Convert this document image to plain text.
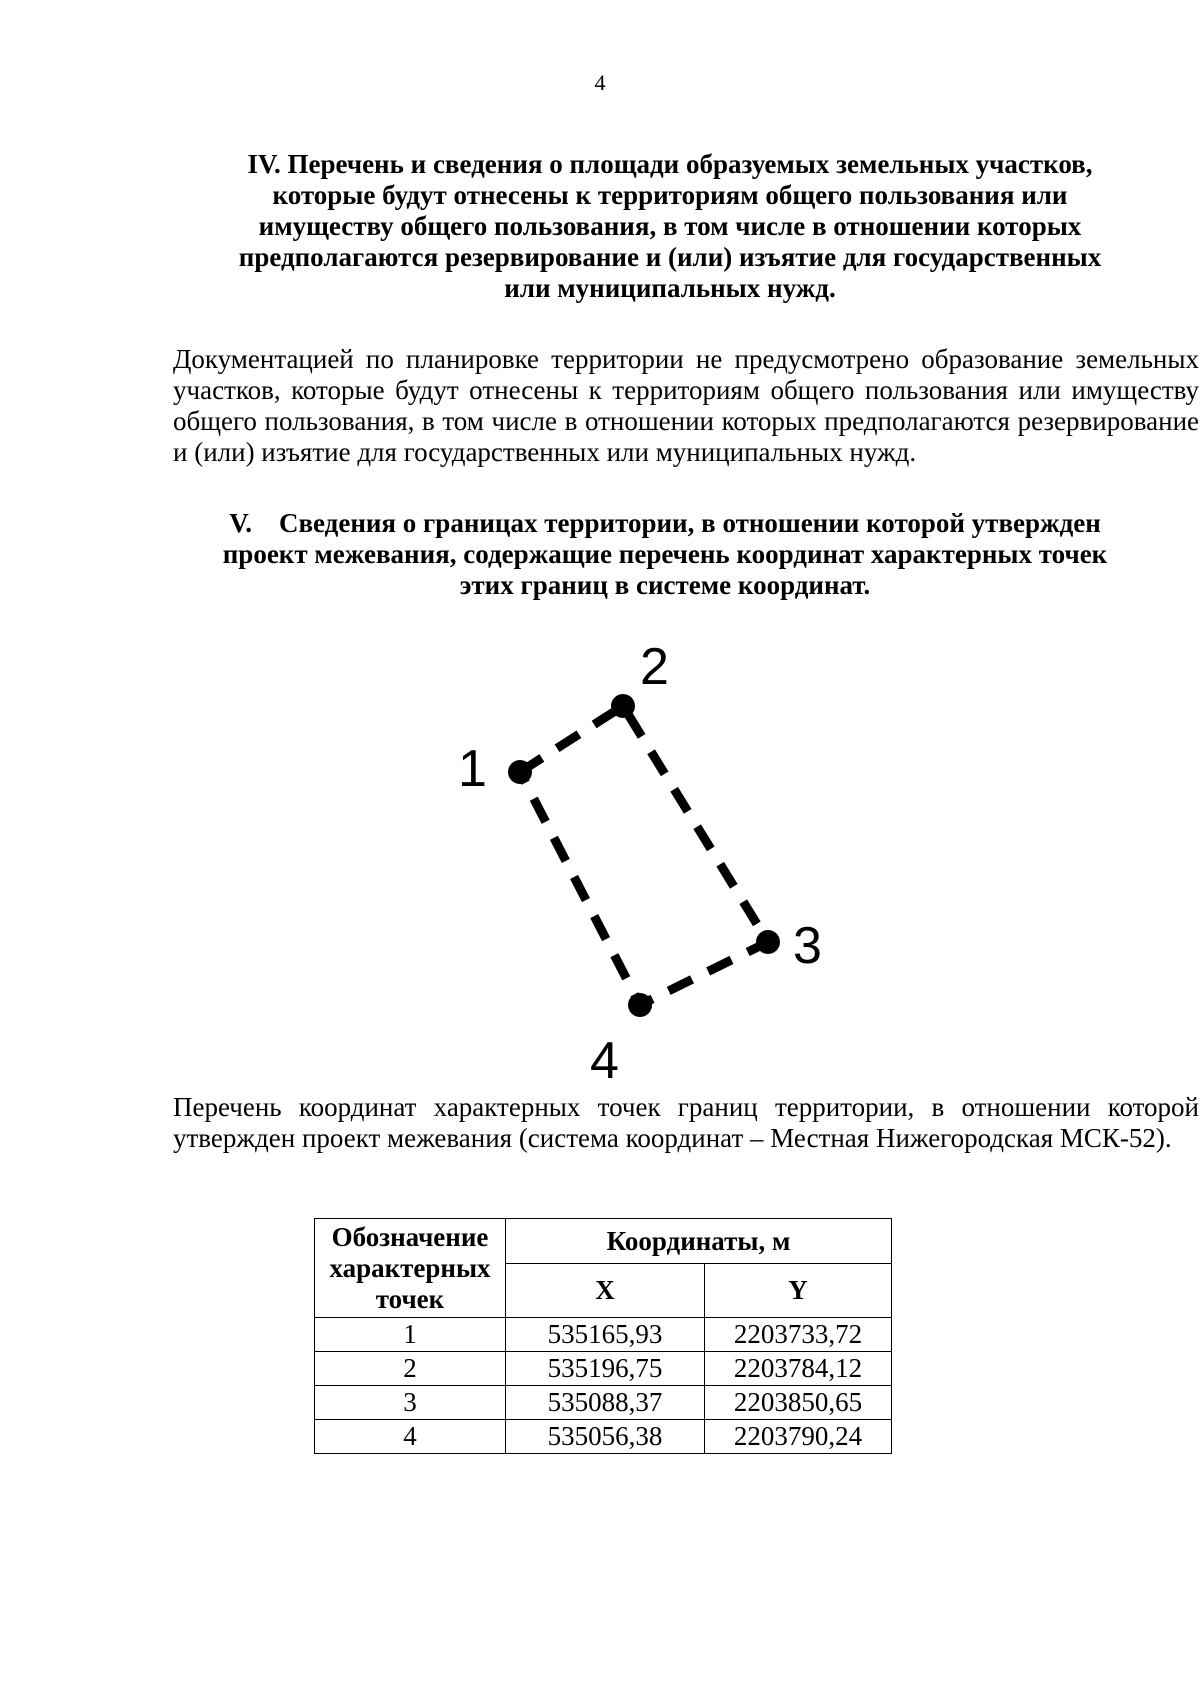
4
IV. Перечень и сведения о площади образуемых земельных участков,
которые будут отнесены к территориям общего пользования или
имуществу общего пользования, в том числе в отношении которых
предполагаются резервирование и (или) изъятие для государственных
или муниципальных нужд.
Документацией по планировке территории не предусмотрено образование земельных участков, которые будут отнесены к территориям общего пользования или имуществу общего пользования, в том числе в отношении которых предполагаются резервирование и (или) изъятие для государственных или муниципальных нужд.
V.    Сведения о границах территории, в отношении которой утвержден
проект межевания, содержащие перечень координат характерных точек
этих границ в системе координат.
1
2
3
4
Перечень координат характерных точек границ территории, в отношении которой утвержден проект межевания (система координат – Местная Нижегородская МСК-52).
Обозначение характерных точек	Координаты, м	
	X	Y
1	535165,93	2203733,72
2	535196,75	2203784,12
3	535088,37	2203850,65
4	535056,38	2203790,24
